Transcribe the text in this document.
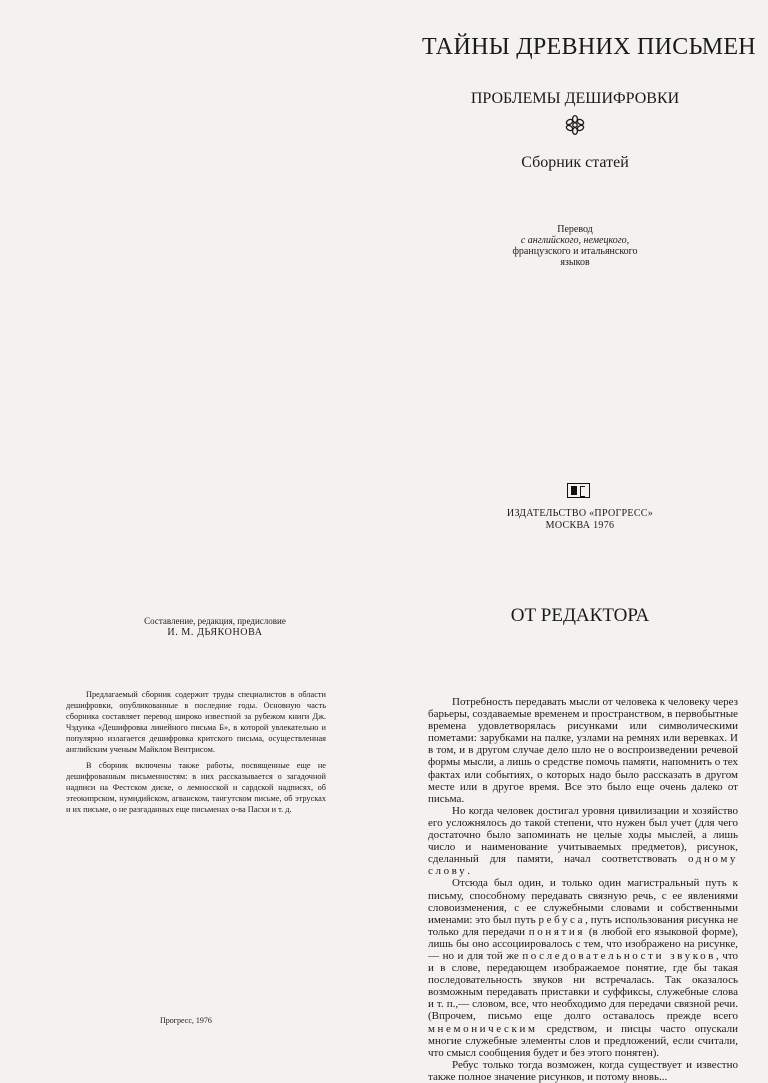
ТАЙНЫ ДРЕВНИХ ПИСЬМЕН
ПРОБЛЕМЫ ДЕШИФРОВКИ
Сборник статей
Перевод
с английского, немецкого,
французского и итальянского
языков
ИЗДАТЕЛЬСТВО «ПРОГРЕСС»
МОСКВА 1976
Составление, редакция, предисловие
И. М. ДЬЯКОНОВА

Предлагаемый сборник содержит труды специалистов в области дешифровки, опубликованные в последние годы. Основную часть сборника составляет перевод широко известной за рубежом книги Дж. Чэдуика «Дешифровка линейного письма Б», в которой увлекательно и популярно излагается дешифровка критского письма, осуществленная английским ученым Майклом Вентрисом.

В сборник включены также работы, посвященные еще не дешифрованным письменностям: в них рассказывается о загадочной надписи на Фестском диске, о лемносской и сардской надписях, об этеокипрском, нумидийском, агванском, тангутском письме, об этрусках и их письме, о не разгаданных еще письменах о-ва Пасхи и т. д.

Прогресс, 1976
ОТ РЕДАКТОРА

Потребность передавать мысли от человека к человеку через барьеры, создаваемые временем и пространством, в первобытные времена удовлетворялась рисунками или символическими пометами: зарубками на палке, узлами на ремнях или веревках. И в том, и в другом случае дело шло не о воспроизведении речевой формы мысли, а лишь о средстве помочь памяти, напомнить о тех фактах или событиях, о которых надо было рассказать в другом месте или в другое время. Все это было еще очень далеко от письма.

Но когда человек достигал уровня цивилизации и хозяйство его усложнялось до такой степени, что нужен был учет (для чего достаточно было запоминать не целые ходы мыслей, а лишь число и наименование учитываемых предметов), рисунок, сделанный для памяти, начал соответствовать одному слову.

Отсюда был один, и только один магистральный путь к письму, способному передавать связную речь, с ее явлениями словоизменения, с ее служебными словами и собственными именами: это был путь ребуса, путь использования рисунка не только для передачи понятия (в любой его языковой форме), лишь бы оно ассоциировалось с тем, что изображено на рисунке,— но и для той же последовательности звуков, что и в слове, передающем изображаемое понятие, где бы такая последовательность звуков ни встречалась. Так оказалось возможным передавать приставки и суффиксы, служебные слова и т. п.,— словом, все, что необходимо для передачи связной речи. (Впрочем, письмо еще долго оставалось прежде всего мнемоническим средством, и писцы часто опускали многие служебные элементы слов и предложений, если считали, что смысл сообщения будет и без этого понятен).

Ребус только тогда возможен, когда существует и известно также полное значение рисунков, и потому вновь...
